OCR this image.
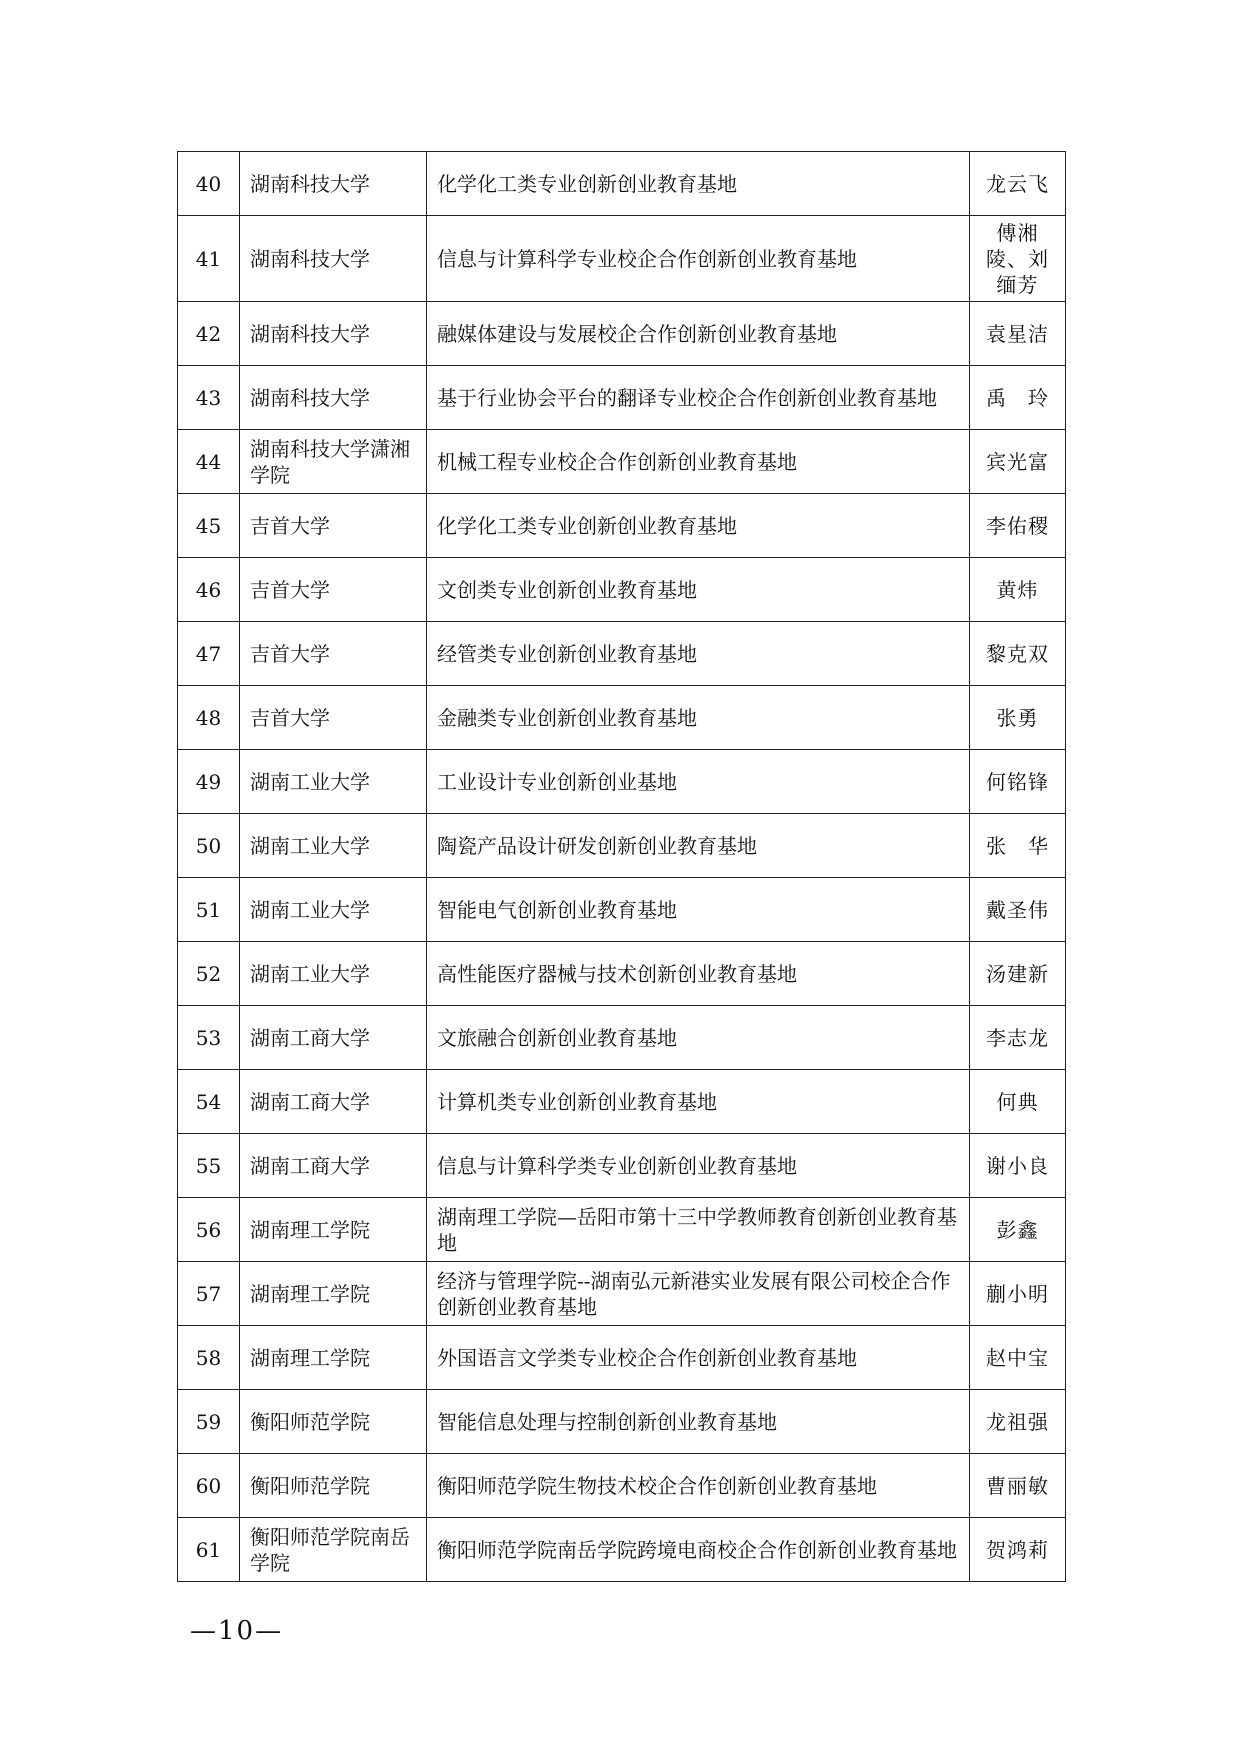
40	湖南科技大学	化学化工类专业创新创业教育基地	龙云飞
41	湖南科技大学	信息与计算科学专业校企合作创新创业教育基地	傅湘陵、刘缅芳
42	湖南科技大学	融媒体建设与发展校企合作创新创业教育基地	袁星洁
43	湖南科技大学	基于行业协会平台的翻译专业校企合作创新创业教育基地	禹　玲
44	湖南科技大学潇湘学院	机械工程专业校企合作创新创业教育基地	宾光富
45	吉首大学	化学化工类专业创新创业教育基地	李佑稷
46	吉首大学	文创类专业创新创业教育基地	黄炜
47	吉首大学	经管类专业创新创业教育基地	黎克双
48	吉首大学	金融类专业创新创业教育基地	张勇
49	湖南工业大学	工业设计专业创新创业基地	何铭锋
50	湖南工业大学	陶瓷产品设计研发创新创业教育基地	张　华
51	湖南工业大学	智能电气创新创业教育基地	戴圣伟
52	湖南工业大学	高性能医疗器械与技术创新创业教育基地	汤建新
53	湖南工商大学	文旅融合创新创业教育基地	李志龙
54	湖南工商大学	计算机类专业创新创业教育基地	何典
55	湖南工商大学	信息与计算科学类专业创新创业教育基地	谢小良
56	湖南理工学院	湖南理工学院—岳阳市第十三中学教师教育创新创业教育基地	彭鑫
57	湖南理工学院	经济与管理学院--湖南弘元新港实业发展有限公司校企合作创新创业教育基地	蒯小明
58	湖南理工学院	外国语言文学类专业校企合作创新创业教育基地	赵中宝
59	衡阳师范学院	智能信息处理与控制创新创业教育基地	龙祖强
60	衡阳师范学院	衡阳师范学院生物技术校企合作创新创业教育基地	曹丽敏
61	衡阳师范学院南岳学院	衡阳师范学院南岳学院跨境电商校企合作创新创业教育基地	贺鸿莉
—10—
